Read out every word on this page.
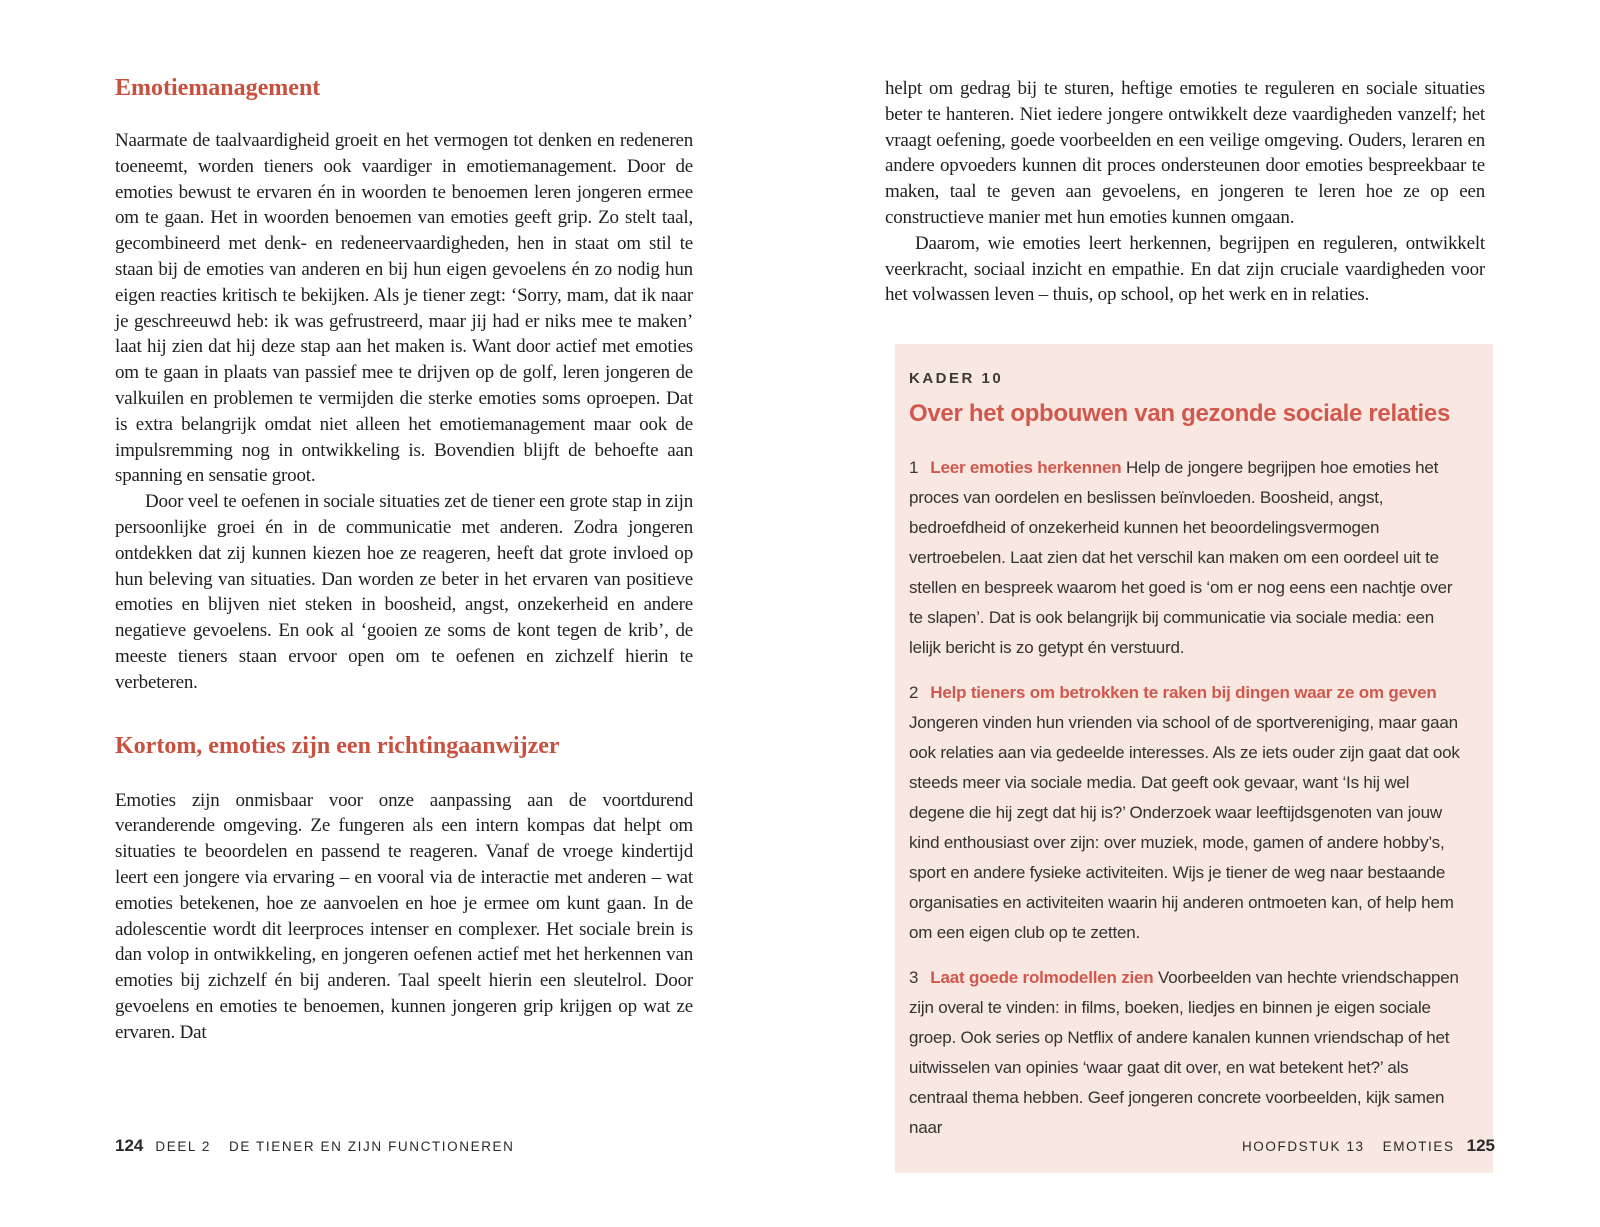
Emotiemanagement

Naarmate de taalvaardigheid groeit en het vermogen tot denken en redeneren toeneemt, worden tieners ook vaardiger in emotiemanagement. Door de emoties bewust te ervaren én in woorden te benoemen leren jongeren ermee om te gaan. Het in woorden benoemen van emoties geeft grip. Zo stelt taal, gecombineerd met denk- en redeneervaardigheden, hen in staat om stil te staan bij de emoties van anderen en bij hun eigen gevoelens én zo nodig hun eigen reacties kritisch te bekijken. Als je tiener zegt: ‘Sorry, mam, dat ik naar je geschreeuwd heb: ik was gefrustreerd, maar jij had er niks mee te maken’ laat hij zien dat hij deze stap aan het maken is. Want door actief met emoties om te gaan in plaats van passief mee te drijven op de golf, leren jongeren de valkuilen en problemen te vermijden die sterke emoties soms oproepen. Dat is extra belangrijk omdat niet alleen het emotiemanagement maar ook de impulsremming nog in ontwikkeling is. Bovendien blijft de behoefte aan spanning en sensatie groot.

Door veel te oefenen in sociale situaties zet de tiener een grote stap in zijn persoonlijke groei én in de communicatie met anderen. Zodra jongeren ontdekken dat zij kunnen kiezen hoe ze reageren, heeft dat grote invloed op hun beleving van situaties. Dan worden ze beter in het ervaren van positieve emoties en blijven niet steken in boosheid, angst, onzekerheid en andere negatieve gevoelens. En ook al ‘gooien ze soms de kont tegen de krib’, de meeste tieners staan ervoor open om te oefenen en zichzelf hierin te verbeteren.

Kortom, emoties zijn een richtingaanwijzer

Emoties zijn onmisbaar voor onze aanpassing aan de voortdurend veranderende omgeving. Ze fungeren als een intern kompas dat helpt om situaties te beoordelen en passend te reageren. Vanaf de vroege kindertijd leert een jongere via ervaring – en vooral via de interactie met anderen – wat emoties betekenen, hoe ze aanvoelen en hoe je ermee om kunt gaan. In de adolescentie wordt dit leerproces intenser en complexer. Het sociale brein is dan volop in ontwikkeling, en jongeren oefenen actief met het herkennen van emoties bij zichzelf én bij anderen. Taal speelt hierin een sleutelrol. Door gevoelens en emoties te benoemen, kunnen jongeren grip krijgen op wat ze ervaren. Dat

helpt om gedrag bij te sturen, heftige emoties te reguleren en sociale situaties beter te hanteren. Niet iedere jongere ontwikkelt deze vaardigheden vanzelf; het vraagt oefening, goede voorbeelden en een veilige omgeving. Ouders, leraren en andere opvoeders kunnen dit proces ondersteunen door emoties bespreekbaar te maken, taal te geven aan gevoelens, en jongeren te leren hoe ze op een constructieve manier met hun emoties kunnen omgaan.

Daarom, wie emoties leert herkennen, begrijpen en reguleren, ontwikkelt veerkracht, sociaal inzicht en empathie. En dat zijn cruciale vaardigheden voor het volwassen leven – thuis, op school, op het werk en in relaties.

KADER 10

Over het opbouwen van gezonde sociale relaties

1 Leer emoties herkennen Help de jongere begrijpen hoe emoties het proces van oordelen en beslissen beïnvloeden. Boosheid, angst, bedroefdheid of onzekerheid kunnen het beoordelingsvermogen vertroebelen. Laat zien dat het verschil kan maken om een oordeel uit te stellen en bespreek waarom het goed is ‘om er nog eens een nachtje over te slapen’. Dat is ook belangrijk bij communicatie via sociale media: een lelijk bericht is zo getypt én verstuurd.

2 Help tieners om betrokken te raken bij dingen waar ze om geven Jongeren vinden hun vrienden via school of de sportvereniging, maar gaan ook relaties aan via gedeelde interesses. Als ze iets ouder zijn gaat dat ook steeds meer via sociale media. Dat geeft ook gevaar, want ‘Is hij wel degene die hij zegt dat hij is?’ Onderzoek waar leeftijdsgenoten van jouw kind enthousiast over zijn: over muziek, mode, gamen of andere hobby’s, sport en andere fysieke activiteiten. Wijs je tiener de weg naar bestaande organisaties en activiteiten waarin hij anderen ontmoeten kan, of help hem om een eigen club op te zetten.

3 Laat goede rolmodellen zien Voorbeelden van hechte vriendschappen zijn overal te vinden: in films, boeken, liedjes en binnen je eigen sociale groep. Ook series op Netflix of andere kanalen kunnen vriendschap of het uitwisselen van opinies ‘waar gaat dit over, en wat betekent het?’ als centraal thema hebben. Geef jongeren concrete voorbeelden, kijk samen naar

124 DEEL 2 DE TIENER EN ZIJN FUNCTIONEREN	HOOFDSTUK 13 EMOTIES 125
